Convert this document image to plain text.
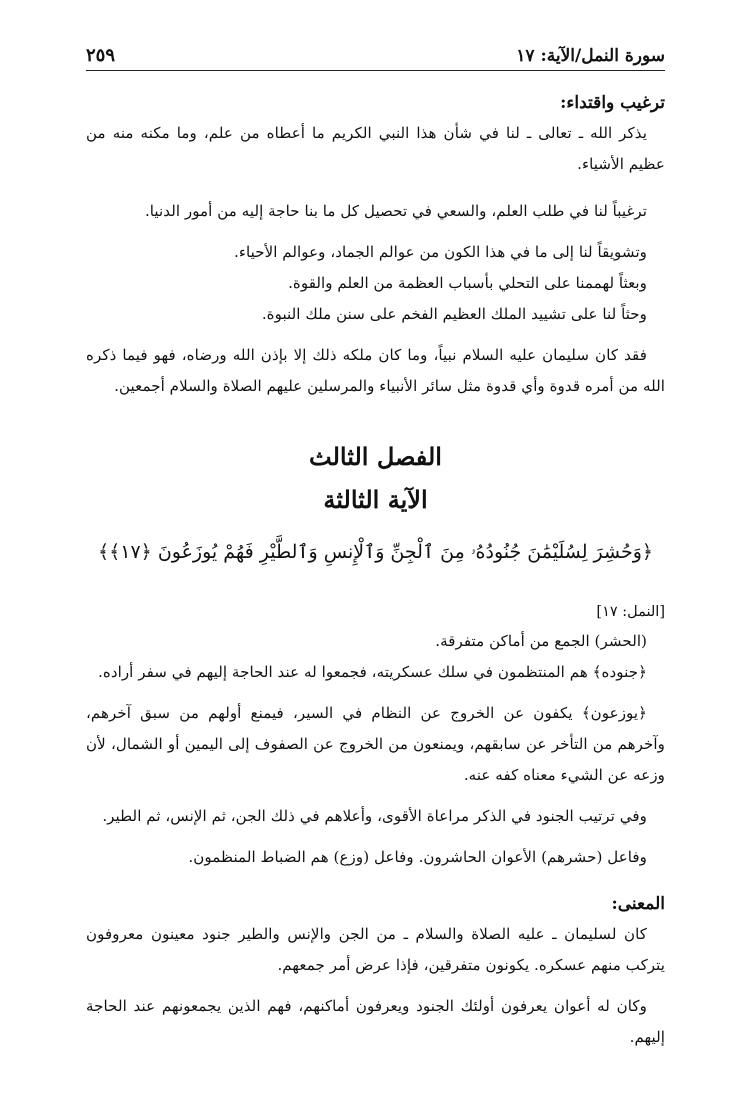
سورة النمل/الآية: ١٧
٢٥٩

ترغيب واقتداء:

يذكر الله ـ تعالى ـ لنا في شأن هذا النبي الكريم ما أعطاه من علم، وما مكنه منه من عظيم الأشياء.

ترغيباً لنا في طلب العلم، والسعي في تحصيل كل ما بنا حاجة إليه من أمور الدنيا.

وتشويقاً لنا إلى ما في هذا الكون من عوالم الجماد، وعوالم الأحياء.

وبعثاً لهممنا على التحلي بأسباب العظمة من العلم والقوة.

وحثاً لنا على تشييد الملك العظيم الفخم على سنن ملك النبوة.

فقد كان سليمان عليه السلام نبياً، وما كان ملكه ذلك إلا بإذن الله ورضاه، فهو فيما ذكره الله من أمره قدوة وأي قدوة مثل سائر الأنبياء والمرسلين عليهم الصلاة والسلام أجمعين.

الفصل الثالث

الآية الثالثة

﴿وَحُشِرَ لِسُلَيْمَٰنَ جُنُودُهُۥ مِنَ ٱلْجِنِّ وَٱلْإِنسِ وَٱلطَّيْرِ فَهُمْ يُوزَعُونَ ﴿١٧﴾﴾

[النمل: ١٧]

(الحشر) الجمع من أماكن متفرقة.

﴿جنوده﴾ هم المنتظمون في سلك عسكريته، فجمعوا له عند الحاجة إليهم في سفر أراده.

﴿يوزعون﴾ يكفون عن الخروج عن النظام في السير، فيمنع أولهم من سبق آخرهم، وآخرهم من التأخر عن سابقهم، ويمنعون من الخروج عن الصفوف إلى اليمين أو الشمال، لأن وزعه عن الشيء معناه كفه عنه.

وفي ترتيب الجنود في الذكر مراعاة الأقوى، وأعلاهم في ذلك الجن، ثم الإنس، ثم الطير.

وفاعل (حشرهم) الأعوان الحاشرون. وفاعل (وزع) هم الضباط المنظمون.

المعنى:

كان لسليمان ـ عليه الصلاة والسلام ـ من الجن والإنس والطير جنود معينون معروفون يتركب منهم عسكره. يكونون متفرقين، فإذا عرض أمر جمعهم.

وكان له أعوان يعرفون أولئك الجنود ويعرفون أماكنهم، فهم الذين يجمعونهم عند الحاجة إليهم.
